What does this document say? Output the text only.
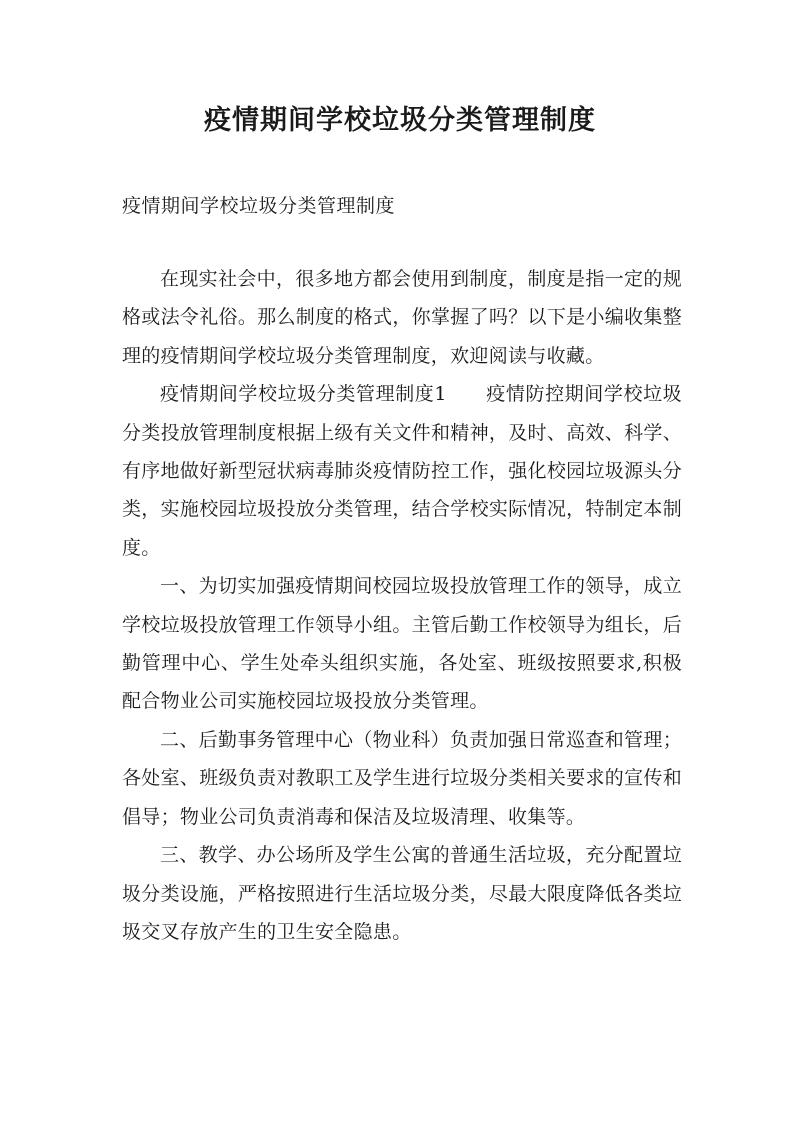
疫情期间学校垃圾分类管理制度
疫情期间学校垃圾分类管理制度

在现实社会中，很多地方都会使用到制度，制度是指一定的规格或法令礼俗。那么制度的格式，你掌握了吗？以下是小编收集整理的疫情期间学校垃圾分类管理制度，欢迎阅读与收藏。

疫情期间学校垃圾分类管理制度1　　疫情防控期间学校垃圾分类投放管理制度根据上级有关文件和精神，及时、高效、科学、有序地做好新型冠状病毒肺炎疫情防控工作，强化校园垃圾源头分类，实施校园垃圾投放分类管理，结合学校实际情况，特制定本制度。

一、为切实加强疫情期间校园垃圾投放管理工作的领导，成立学校垃圾投放管理工作领导小组。主管后勤工作校领导为组长，后勤管理中心、学生处牵头组织实施，各处室、班级按照要求,积极配合物业公司实施校园垃圾投放分类管理。

二、后勤事务管理中心（物业科）负责加强日常巡查和管理；各处室、班级负责对教职工及学生进行垃圾分类相关要求的宣传和倡导；物业公司负责消毒和保洁及垃圾清理、收集等。

三、教学、办公场所及学生公寓的普通生活垃圾，充分配置垃圾分类设施，严格按照进行生活垃圾分类，尽最大限度降低各类垃圾交叉存放产生的卫生安全隐患。
